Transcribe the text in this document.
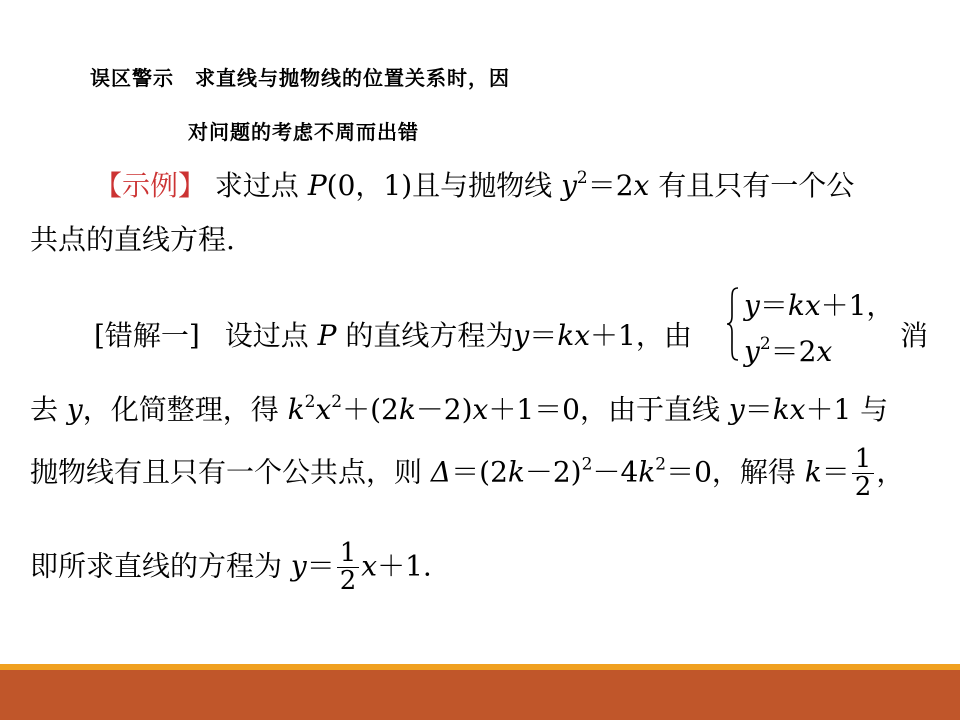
误区警示　求直线与抛物线的位置关系时，因
对问题的考虑不周而出错
【示例】 求过点 P(0，1)且与抛物线 $y^2=2x$ 有且只有一个公
共点的直线方程.
[错解一] 设过点 P 的直线方程为y＝kx＋1，由
y＝kx＋1，
$y^2=2x$ 消
去 y，化简整理，得 $k^2x^2+(2k-2)x+1=0$，由于直线 y＝kx＋1 与
抛物线有且只有一个公共点，则 $\Delta=(2k-2)^2-4k^2=0$，解得 $k= \frac{1}{2}$ ，
即所求直线的方程为 $y= \frac{1}{2} x+1$.
